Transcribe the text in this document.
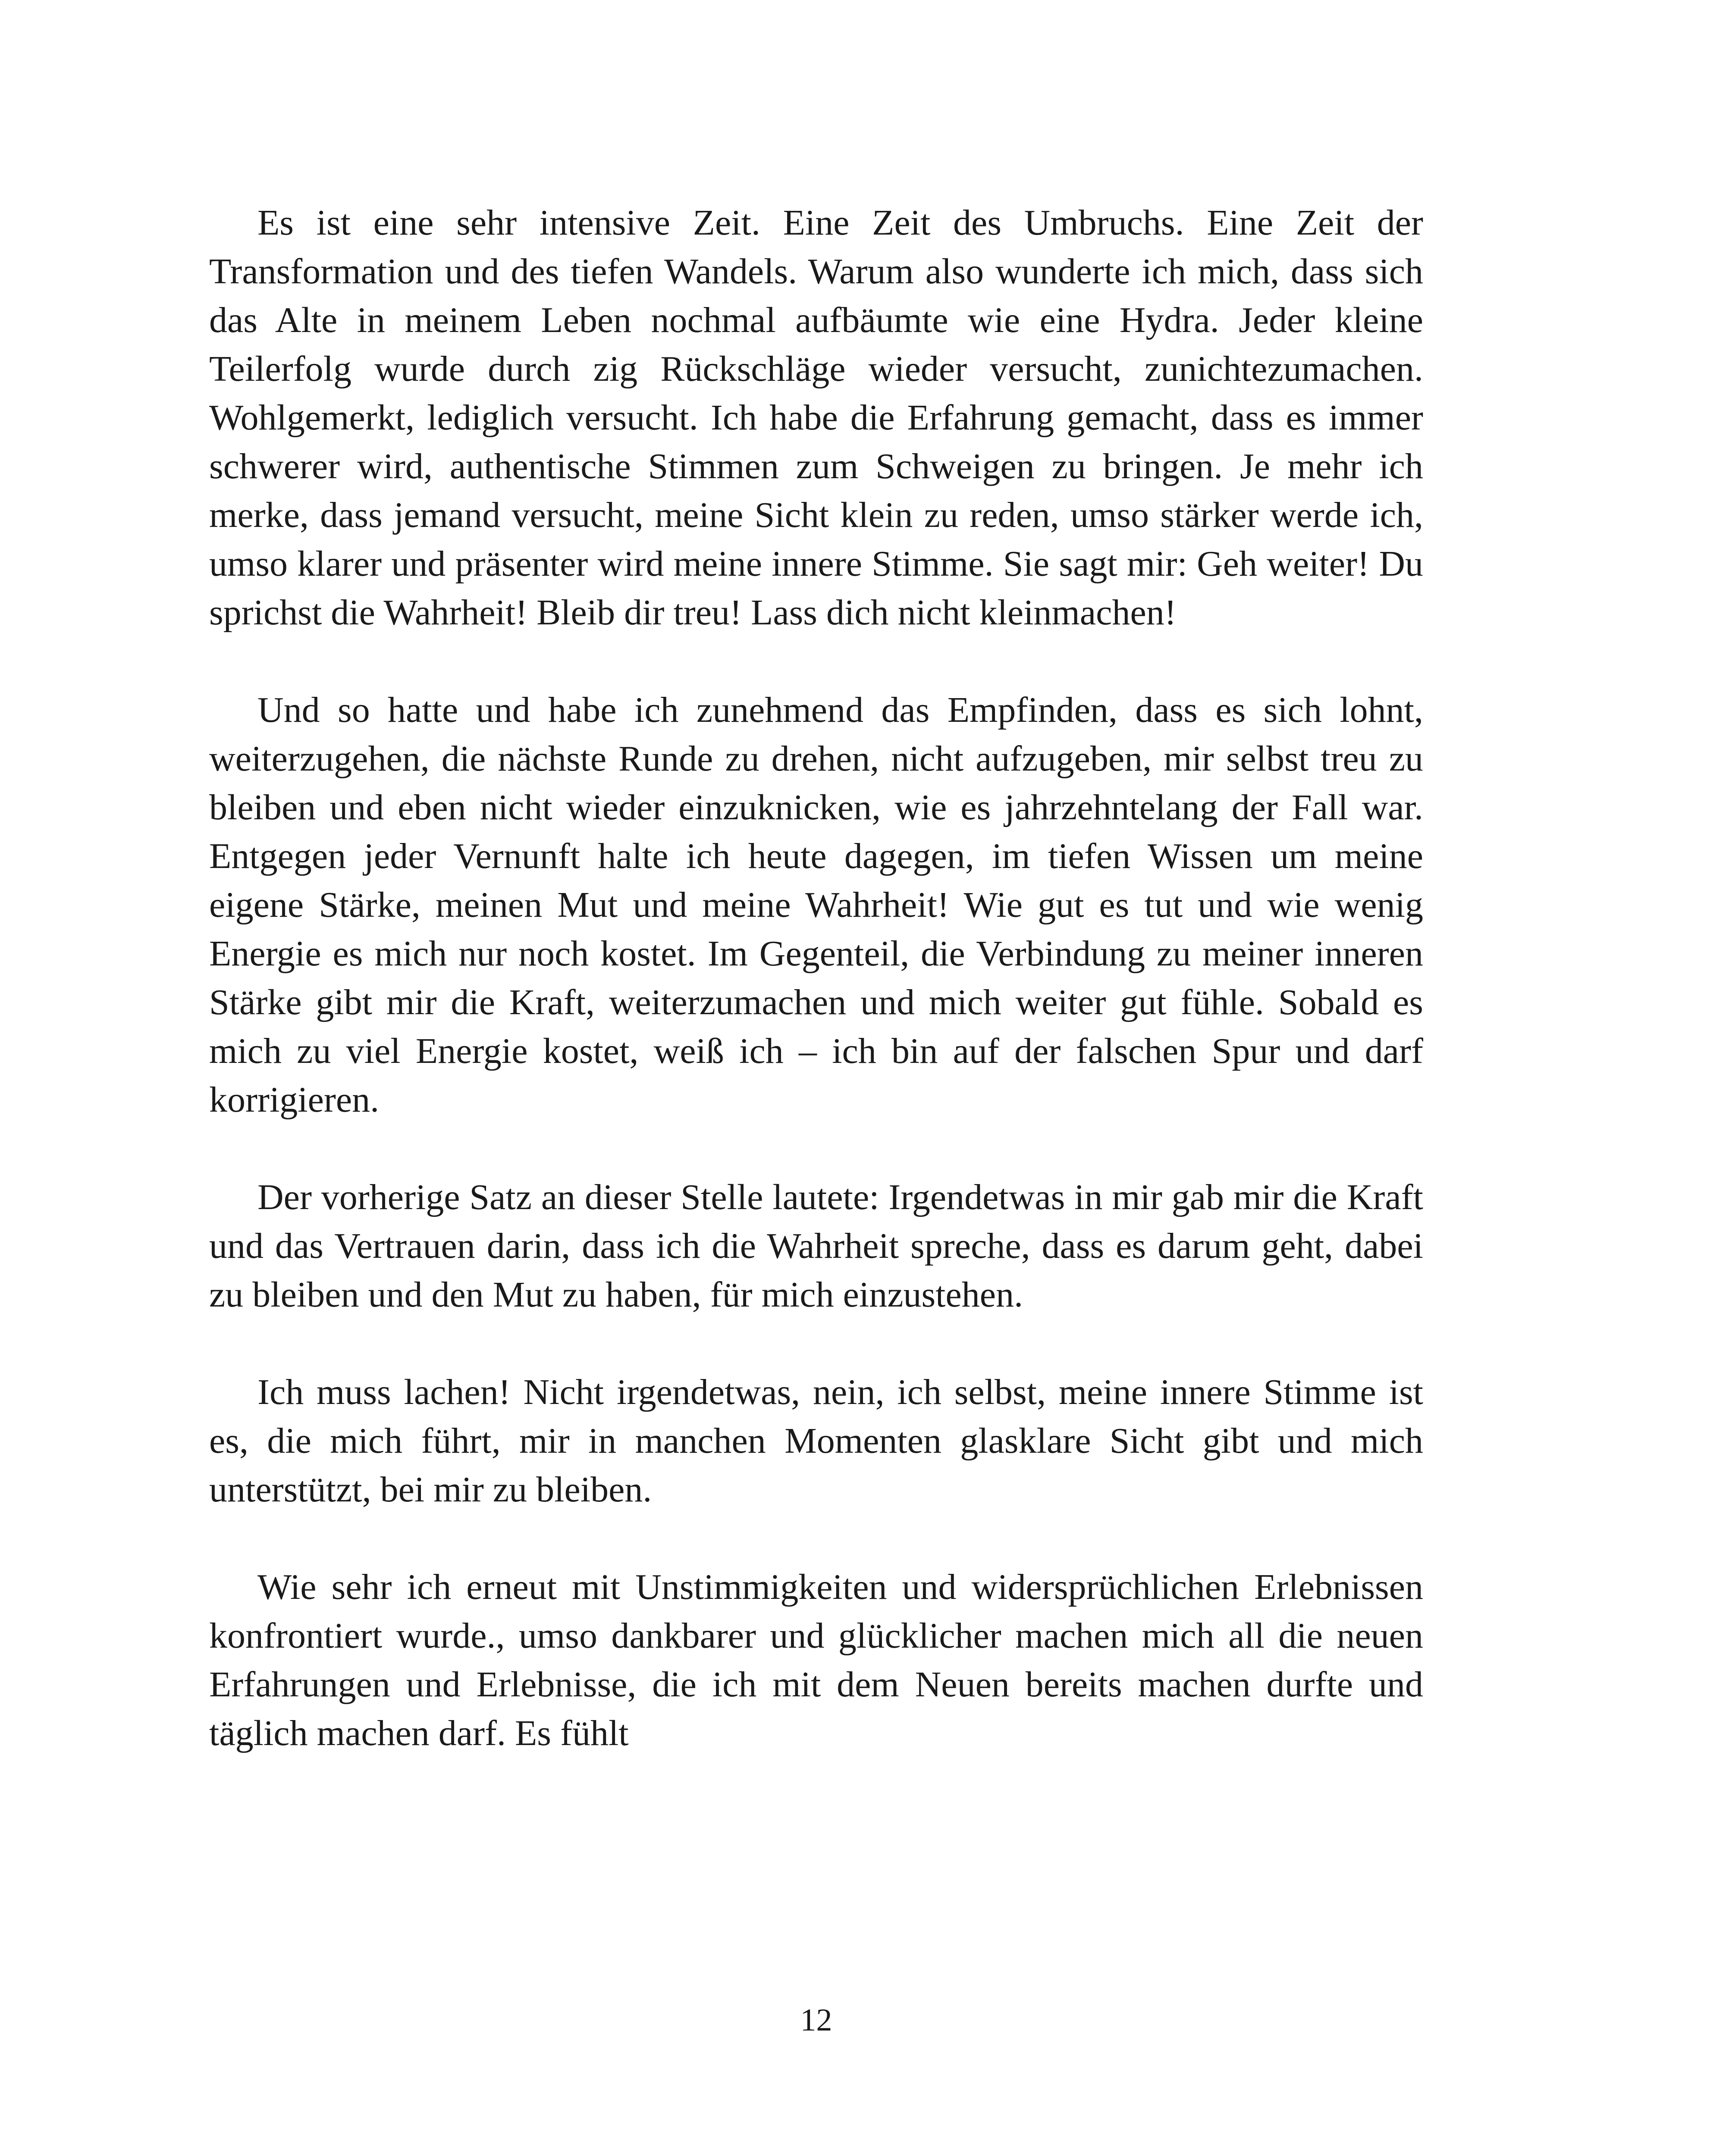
Es ist eine sehr intensive Zeit. Eine Zeit des Umbruchs. Eine Zeit der Transformation und des tiefen Wandels. Warum also wunderte ich mich, dass sich das Alte in meinem Leben nochmal aufbäumte wie eine Hydra. Jeder kleine Teilerfolg wurde durch zig Rückschläge wieder versucht, zunichtezumachen. Wohlgemerkt, lediglich versucht. Ich habe die Erfahrung gemacht, dass es immer schwerer wird, authentische Stimmen zum Schweigen zu bringen. Je mehr ich merke, dass jemand versucht, meine Sicht klein zu reden, umso stärker werde ich, umso klarer und präsenter wird meine innere Stimme. Sie sagt mir: Geh weiter! Du sprichst die Wahrheit! Bleib dir treu! Lass dich nicht kleinmachen!

Und so hatte und habe ich zunehmend das Empfinden, dass es sich lohnt, weiterzugehen, die nächste Runde zu drehen, nicht aufzugeben, mir selbst treu zu bleiben und eben nicht wieder einzuknicken, wie es jahrzehntelang der Fall war. Entgegen jeder Vernunft halte ich heute dagegen, im tiefen Wissen um meine eigene Stärke, meinen Mut und meine Wahrheit! Wie gut es tut und wie wenig Energie es mich nur noch kostet. Im Gegenteil, die Verbindung zu meiner inneren Stärke gibt mir die Kraft, weiterzumachen und mich weiter gut fühle. Sobald es mich zu viel Energie kostet, weiß ich – ich bin auf der falschen Spur und darf korrigieren.

Der vorherige Satz an dieser Stelle lautete: Irgendetwas in mir gab mir die Kraft und das Vertrauen darin, dass ich die Wahrheit spreche, dass es darum geht, dabei zu bleiben und den Mut zu haben, für mich einzustehen.

Ich muss lachen! Nicht irgendetwas, nein, ich selbst, meine innere Stimme ist es, die mich führt, mir in manchen Momenten glasklare Sicht gibt und mich unterstützt, bei mir zu bleiben.

Wie sehr ich erneut mit Unstimmigkeiten und widersprüchlichen Erlebnissen konfrontiert wurde., umso dankbarer und glücklicher machen mich all die neuen Erfahrungen und Erlebnisse, die ich mit dem Neuen bereits machen durfte und täglich machen darf. Es fühlt

12
